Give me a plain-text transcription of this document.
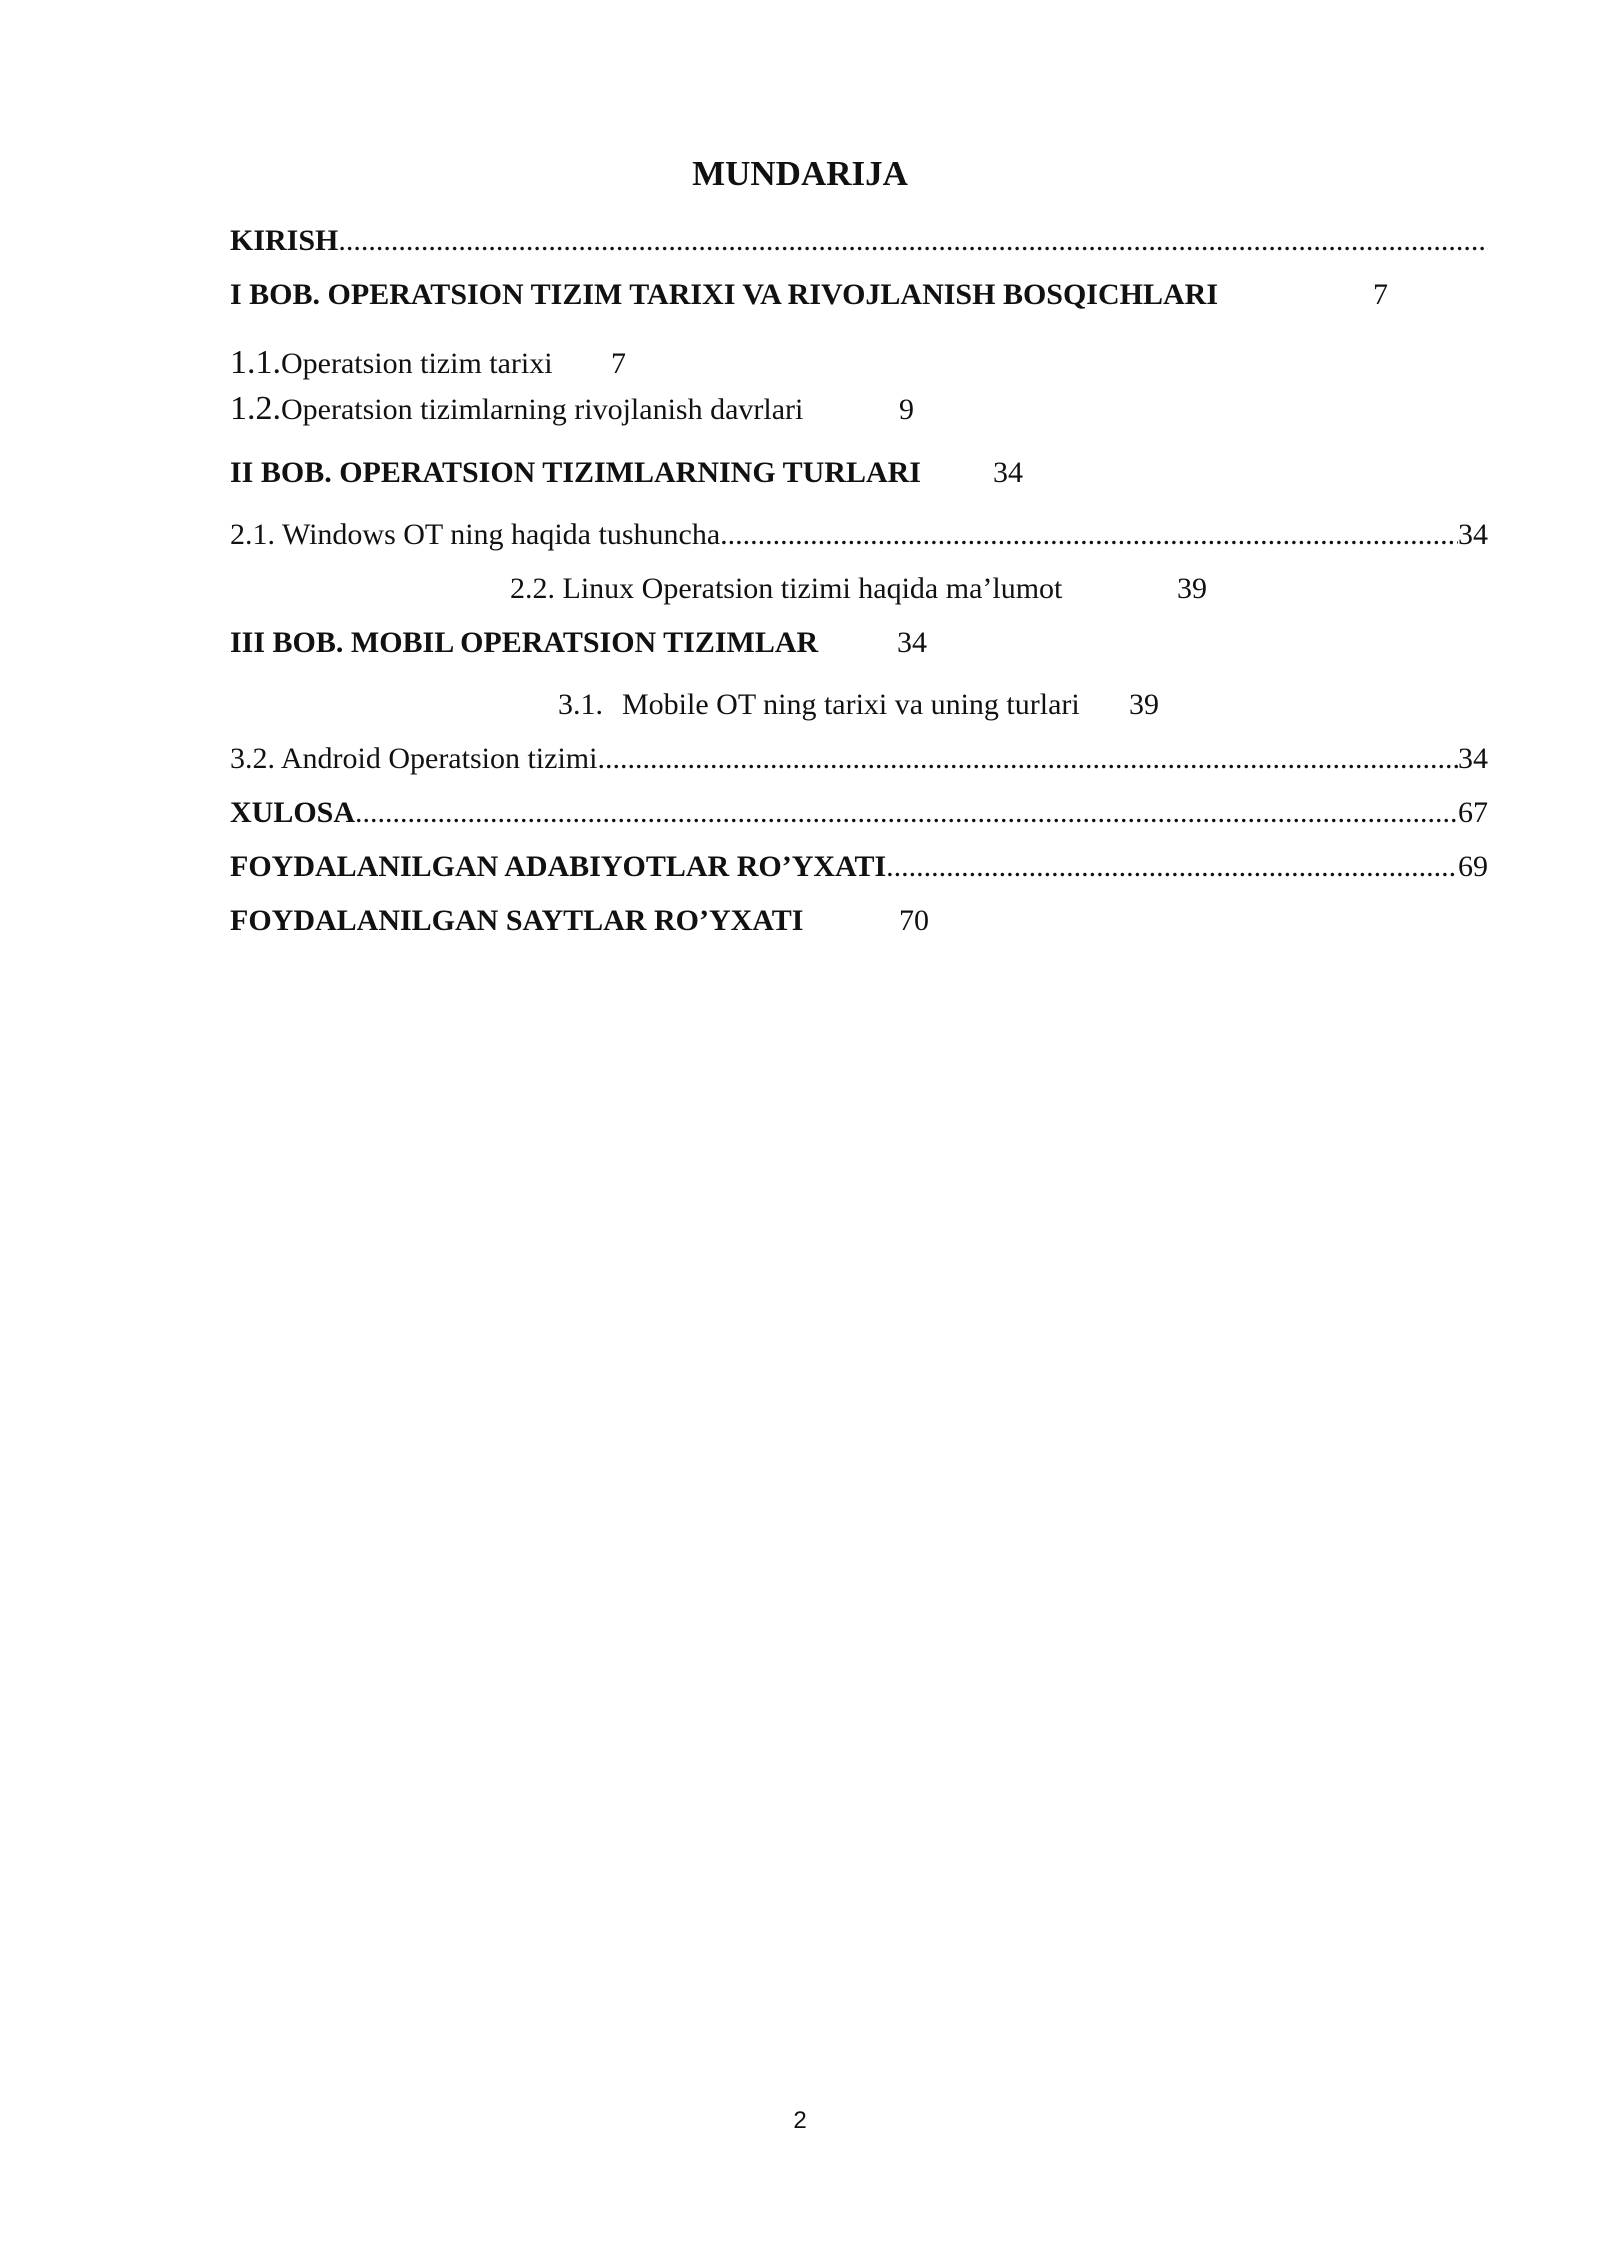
MUNDARIJA
KIRISH
.....
I BOB. OPERATSION TIZIM TARIXI VA RIVOJLANISH BOSQICHLARI	7
1.1.Operatsion tizim tarixi 7
1.2.Operatsion tizimlarning rivojlanish davrlari	9
II BOB. OPERATSION TIZIMLARNING TURLARI 34
2.1. Windows OT ning haqida tushuncha .....	34
2.2. Linux Operatsion tizimi haqida ma’lumot	39
III BOB. MOBIL OPERATSION TIZIMLAR	34
3.1. Mobile OT ning tarixi va uning turlari 39
3.2. Android Operatsion tizimi .....	34
XULOSA .....	67
FOYDALANILGAN ADABIYOTLAR RO’YXATI .....	69
FOYDALANILGAN SAYTLAR RO’YXATI	70
2
